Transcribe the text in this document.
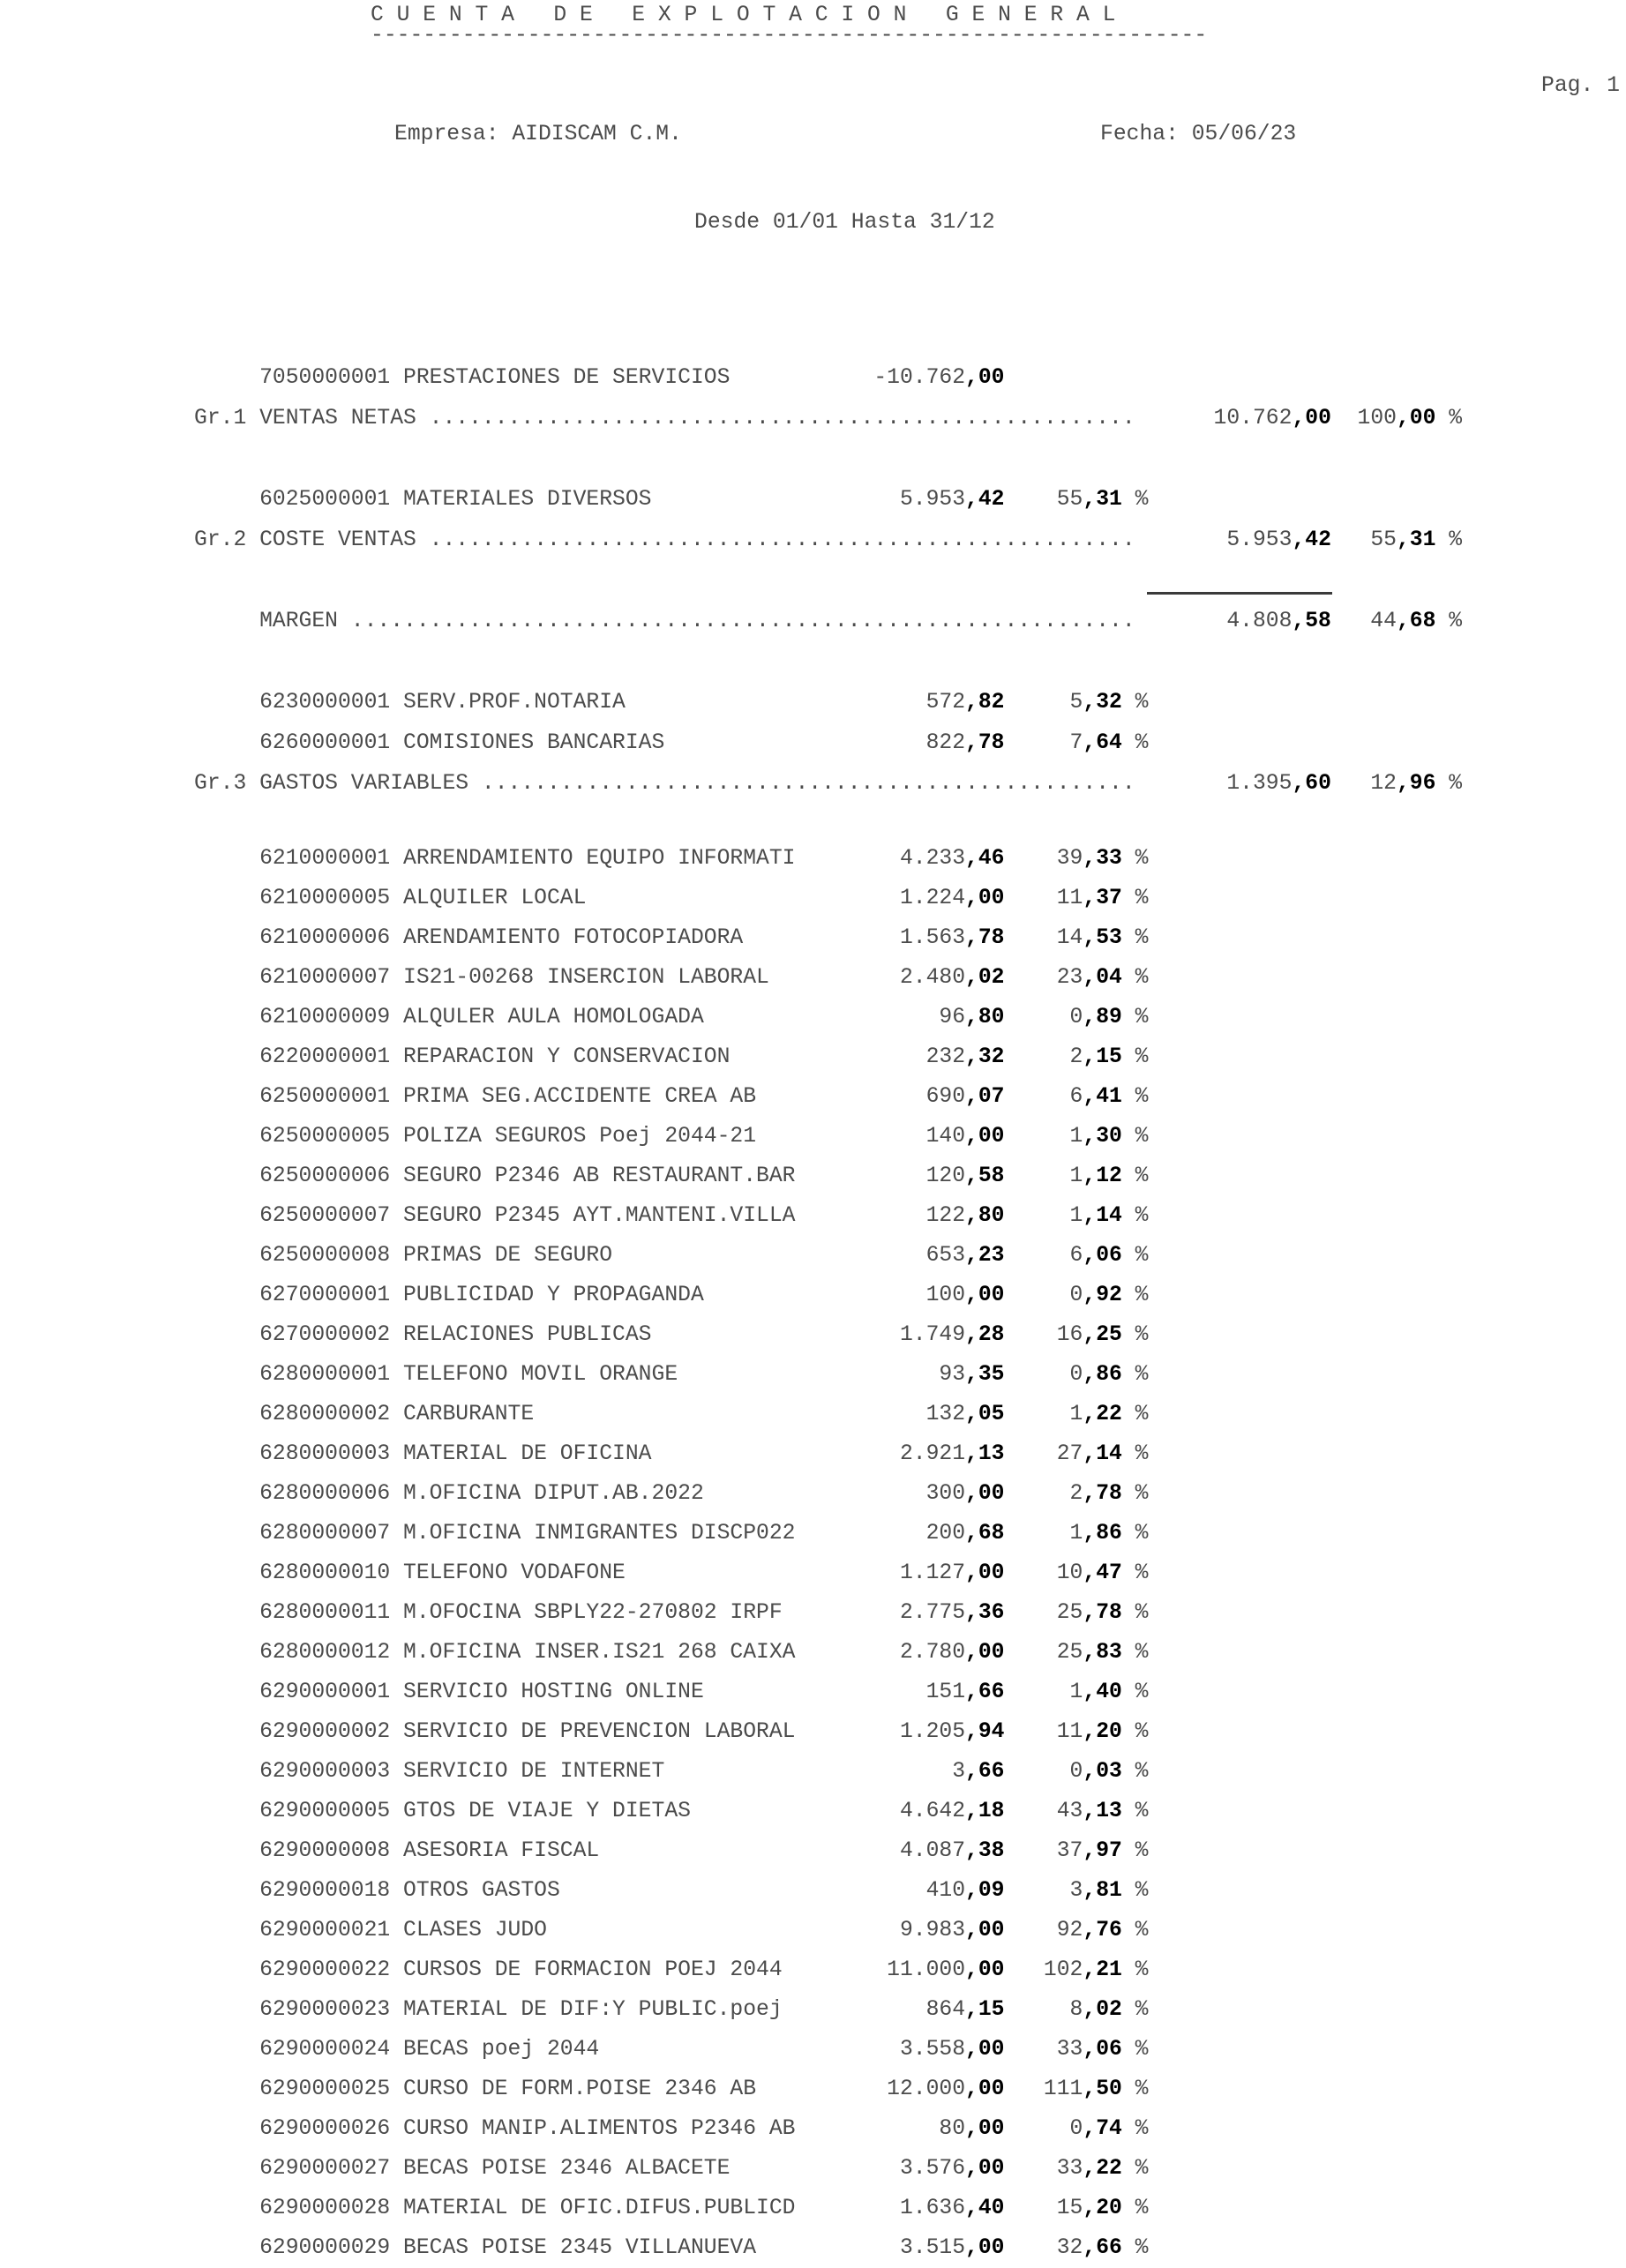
C U E N T A   D E   E X P L O T A C I O N   G E N E R A L
----------------------------------------------------------------
Pag. 1
Empresa: AIDISCAM C.M.	Fecha: 05/06/23
Desde 01/01 Hasta 31/12
7050000001 PRESTACIONES DE SERVICIOS	-10.762,00
Gr.1 VENTAS NETAS ......................................................	10.762,00	100,00 %
6025000001 MATERIALES DIVERSOS	5.953,42	55,31 %
Gr.2 COSTE VENTAS ......................................................	5.953,42	55,31 %
MARGEN ............................................................	4.808,58	44,68 %
6230000001 SERV.PROF.NOTARIA	572,82	5,32 %
6260000001 COMISIONES BANCARIAS	822,78	7,64 %
Gr.3 GASTOS VARIABLES ..................................................	1.395,60	12,96 %
6210000001 ARRENDAMIENTO EQUIPO INFORMATI	4.233,46	39,33 %
6210000005 ALQUILER LOCAL	1.224,00	11,37 %
6210000006 ARENDAMIENTO FOTOCOPIADORA	1.563,78	14,53 %
6210000007 IS21-00268 INSERCION LABORAL	2.480,02	23,04 %
6210000009 ALQULER AULA HOMOLOGADA	96,80	0,89 %
6220000001 REPARACION Y CONSERVACION	232,32	2,15 %
6250000001 PRIMA SEG.ACCIDENTE CREA AB	690,07	6,41 %
6250000005 POLIZA SEGUROS Poej 2044-21	140,00	1,30 %
6250000006 SEGURO P2346 AB RESTAURANT.BAR	120,58	1,12 %
6250000007 SEGURO P2345 AYT.MANTENI.VILLA	122,80	1,14 %
6250000008 PRIMAS DE SEGURO	653,23	6,06 %
6270000001 PUBLICIDAD Y PROPAGANDA	100,00	0,92 %
6270000002 RELACIONES PUBLICAS	1.749,28	16,25 %
6280000001 TELEFONO MOVIL ORANGE	93,35	0,86 %
6280000002 CARBURANTE	132,05	1,22 %
6280000003 MATERIAL DE OFICINA	2.921,13	27,14 %
6280000006 M.OFICINA DIPUT.AB.2022	300,00	2,78 %
6280000007 M.OFICINA INMIGRANTES DISCP022	200,68	1,86 %
6280000010 TELEFONO VODAFONE	1.127,00	10,47 %
6280000011 M.OFOCINA SBPLY22-270802 IRPF	2.775,36	25,78 %
6280000012 M.OFICINA INSER.IS21 268 CAIXA	2.780,00	25,83 %
6290000001 SERVICIO HOSTING ONLINE	151,66	1,40 %
6290000002 SERVICIO DE PREVENCION LABORAL	1.205,94	11,20 %
6290000003 SERVICIO DE INTERNET	3,66	0,03 %
6290000005 GTOS DE VIAJE Y DIETAS	4.642,18	43,13 %
6290000008 ASESORIA FISCAL	4.087,38	37,97 %
6290000018 OTROS GASTOS	410,09	3,81 %
6290000021 CLASES JUDO	9.983,00	92,76 %
6290000022 CURSOS DE FORMACION POEJ 2044	11.000,00	102,21 %
6290000023 MATERIAL DE DIF:Y PUBLIC.poej	864,15	8,02 %
6290000024 BECAS poej 2044	3.558,00	33,06 %
6290000025 CURSO DE FORM.POISE 2346 AB	12.000,00	111,50 %
6290000026 CURSO MANIP.ALIMENTOS P2346 AB	80,00	0,74 %
6290000027 BECAS POISE 2346 ALBACETE	3.576,00	33,22 %
6290000028 MATERIAL DE OFIC.DIFUS.PUBLICD	1.636,40	15,20 %
6290000029 BECAS POISE 2345 VILLANUEVA	3.515,00	32,66 %
